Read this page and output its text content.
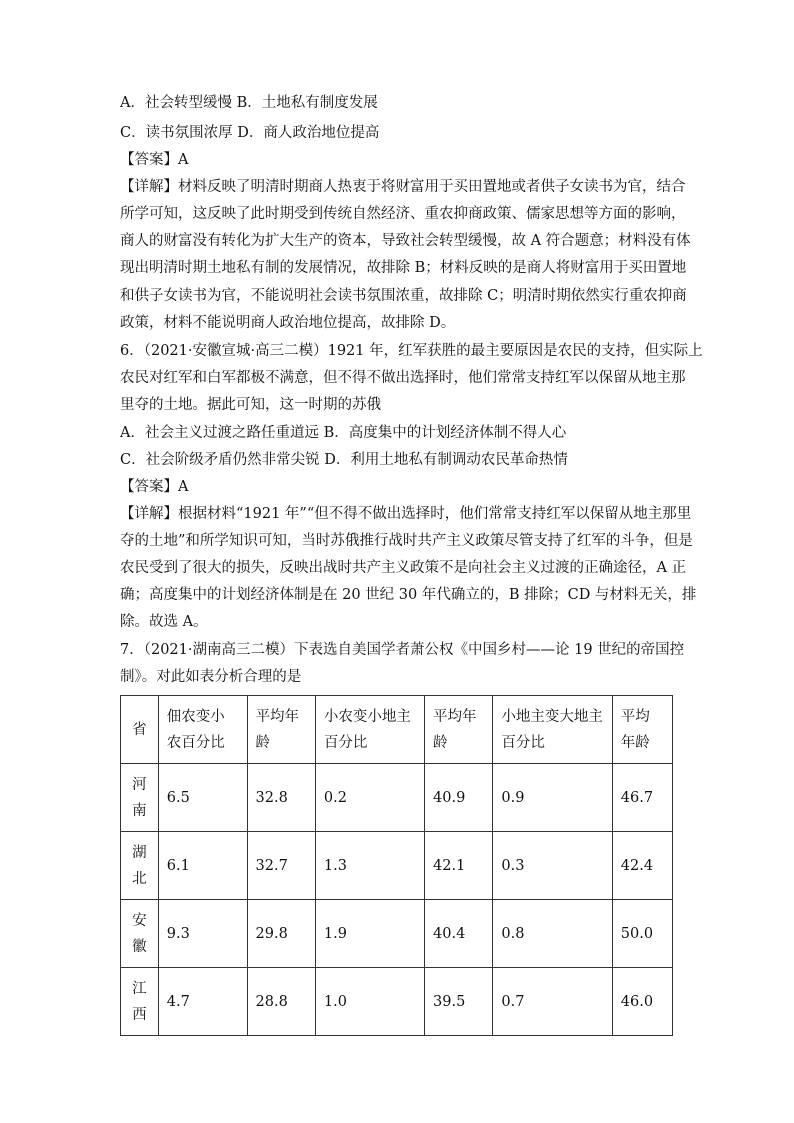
A．社会转型缓慢 B．土地私有制度发展
C．读书氛围浓厚 D．商人政治地位提高
【答案】A
【详解】材料反映了明清时期商人热衷于将财富用于买田置地或者供子女读书为官，结合
所学可知，这反映了此时期受到传统自然经济、重农抑商政策、儒家思想等方面的影响，
商人的财富没有转化为扩大生产的资本，导致社会转型缓慢，故 A 符合题意；材料没有体
现出明清时期土地私有制的发展情况，故排除 B；材料反映的是商人将财富用于买田置地
和供子女读书为官，不能说明社会读书氛围浓重，故排除 C；明清时期依然实行重农抑商
政策，材料不能说明商人政治地位提高，故排除 D。
6．（2021·安徽宣城·高三二模）1921 年，红军获胜的最主要原因是农民的支持，但实际上
农民对红军和白军都极不满意，但不得不做出选择时，他们常常支持红军以保留从地主那
里夺的土地。据此可知，这一时期的苏俄
A．社会主义过渡之路任重道远 B．高度集中的计划经济体制不得人心
C．社会阶级矛盾仍然非常尖锐 D．利用土地私有制调动农民革命热情
【答案】A
【详解】根据材料“1921 年”“但不得不做出选择时，他们常常支持红军以保留从地主那里
夺的土地”和所学知识可知，当时苏俄推行战时共产主义政策尽管支持了红军的斗争，但是
农民受到了很大的损失，反映出战时共产主义政策不是向社会主义过渡的正确途径，A 正
确；高度集中的计划经济体制是在 20 世纪 30 年代确立的，B 排除；CD 与材料无关，排
除。故选 A。
7．（2021·湖南高三二模）下表选自美国学者萧公权《中国乡村——论 19 世纪的帝国控
制》。对此如表分析合理的是
省	佃农变小农百分比	平均年龄	小农变小地主百分比	平均年龄	小地主变大地主百分比	平均年龄
河南	6.5	32.8	0.2	40.9	0.9	46.7
湖北	6.1	32.7	1.3	42.1	0.3	42.4
安徽	9.3	29.8	1.9	40.4	0.8	50.0
江西	4.7	28.8	1.0	39.5	0.7	46.0
